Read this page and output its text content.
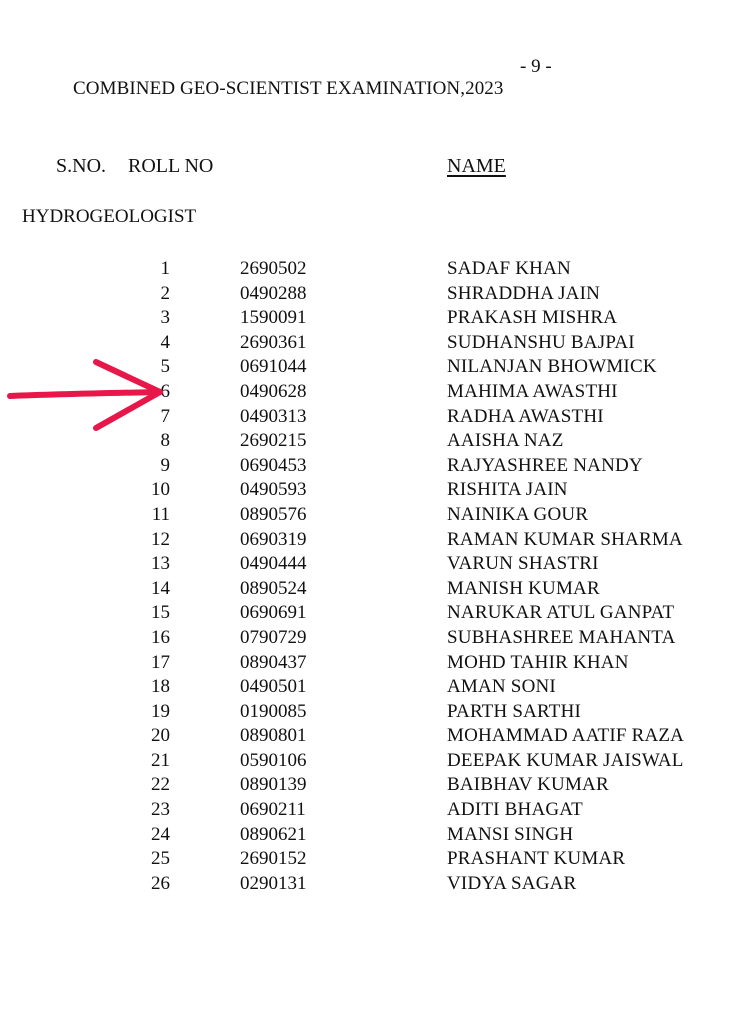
- 9 -
COMBINED GEO-SCIENTIST EXAMINATION,2023
S.NO. ROLL NO	NAME
HYDROGEOLOGIST
1	2690502	SADAF KHAN
2	0490288	SHRADDHA JAIN
3	1590091	PRAKASH MISHRA
4	2690361	SUDHANSHU BAJPAI
5	0691044	NILANJAN BHOWMICK
6	0490628	MAHIMA AWASTHI
7	0490313	RADHA AWASTHI
8	2690215	AAISHA NAZ
9	0690453	RAJYASHREE NANDY
10	0490593	RISHITA JAIN
11	0890576	NAINIKA GOUR
12	0690319	RAMAN KUMAR SHARMA
13	0490444	VARUN SHASTRI
14	0890524	MANISH KUMAR
15	0690691	NARUKAR ATUL GANPAT
16	0790729	SUBHASHREE MAHANTA
17	0890437	MOHD TAHIR KHAN
18	0490501	AMAN SONI
19	0190085	PARTH SARTHI
20	0890801	MOHAMMAD AATIF RAZA
21	0590106	DEEPAK KUMAR JAISWAL
22	0890139	BAIBHAV KUMAR
23	0690211	ADITI BHAGAT
24	0890621	MANSI SINGH
25	2690152	PRASHANT KUMAR
26	0290131	VIDYA SAGAR
